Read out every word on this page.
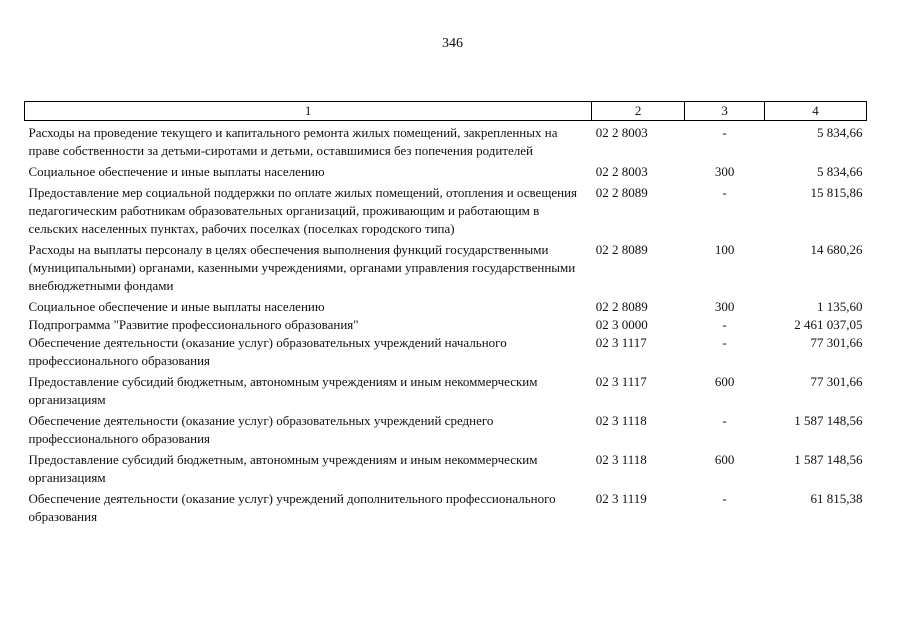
346
1	2	3	4
Расходы на проведение текущего и капитального ремонта жилых помещений, закрепленных на праве собственности за детьми-сиротами и детьми, оставшимися без попечения родителей	02 2 8003	-	5 834,66
Социальное обеспечение и иные выплаты населению	02 2 8003	300	5 834,66
Предоставление мер социальной поддержки по оплате жилых помещений, отопления и освещения педагогическим работникам образовательных организаций, проживающим и работающим в сельских населенных пунктах, рабочих поселках (поселках городского типа)	02 2 8089	-	15 815,86
Расходы на выплаты персоналу в целях обеспечения выполнения функций государственными (муниципальными) органами, казенными учреждениями, органами управления государственными внебюджетными фондами	02 2 8089	100	14 680,26
Социальное обеспечение и иные выплаты населению	02 2 8089	300	1 135,60
Подпрограмма "Развитие профессионального образования"	02 3 0000	-	2 461 037,05
Обеспечение деятельности (оказание услуг) образовательных учреждений начального профессионального образования	02 3 1117	-	77 301,66
Предоставление субсидий бюджетным, автономным учреждениям и иным некоммерческим организациям	02 3 1117	600	77 301,66
Обеспечение деятельности (оказание услуг) образовательных учреждений среднего профессионального образования	02 3 1118	-	1 587 148,56
Предоставление субсидий бюджетным, автономным учреждениям и иным некоммерческим организациям	02 3 1118	600	1 587 148,56
Обеспечение деятельности (оказание услуг) учреждений дополнительного профессионального образования	02 3 1119	-	61 815,38
